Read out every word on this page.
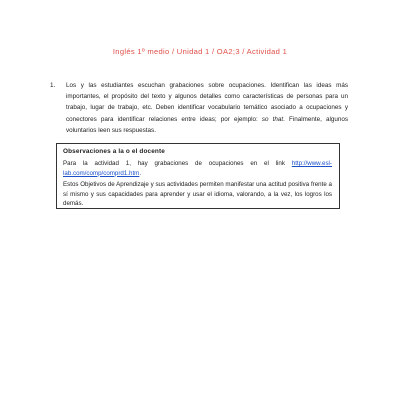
Inglés 1º medio / Unidad 1 / OA2;3 / Actividad 1
1.	Los y las estudiantes escuchan grabaciones sobre ocupaciones. Identifican las ideas más importantes, el propósito del texto y algunos detalles como características de personas para un trabajo, lugar de trabajo, etc. Deben identificar vocabulario temático asociado a ocupaciones y conectores para identificar relaciones entre ideas; por ejemplo: so that. Finalmente, algunos voluntarios leen sus respuestas.
Observaciones a la o el docente

Para la actividad 1, hay grabaciones de ocupaciones en el link http://www.esl-lab.com/comp/comprd1.htm.

Estos Objetivos de Aprendizaje y sus actividades permiten manifestar una actitud positiva frente a sí mismo y sus capacidades para aprender y usar el idioma, valorando, a la vez, los logros los demás.
